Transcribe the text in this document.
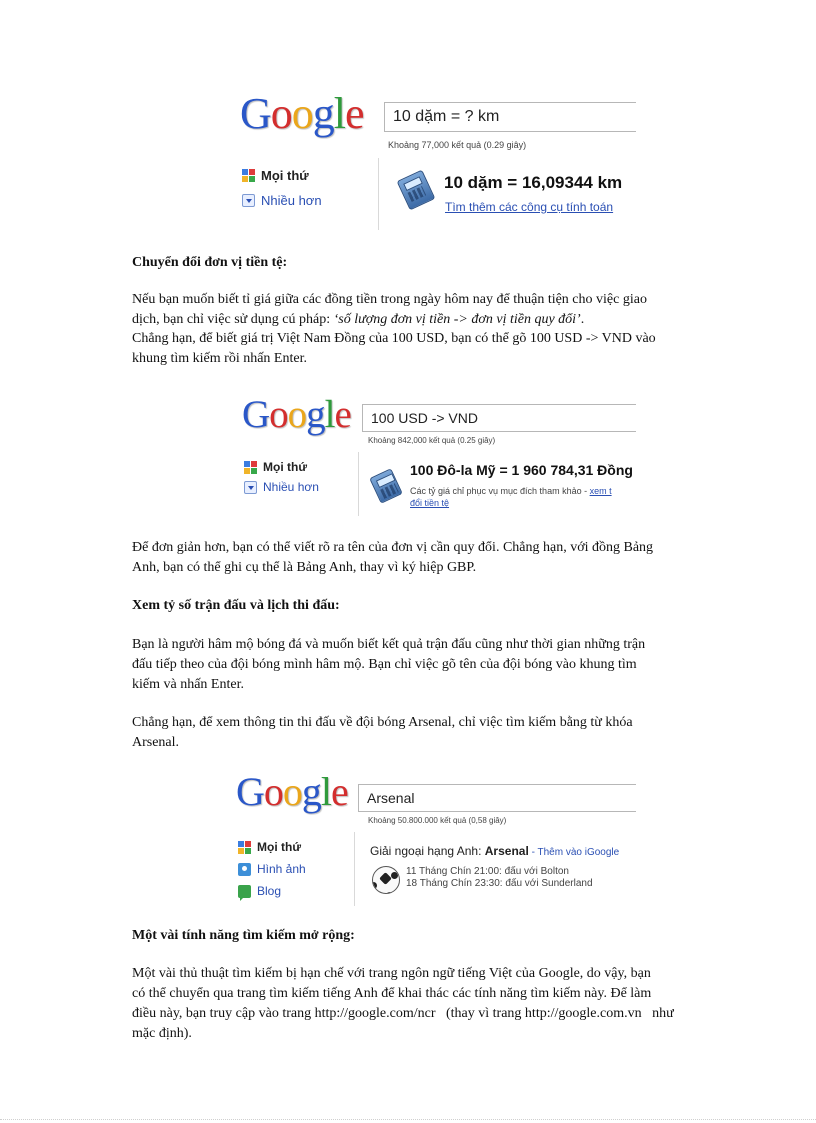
Google	10 dặm = ? km
Khoảng 77,000 kết quả (0.29 giây)
Mọi thứ
Nhiều hơn
10 dặm = 16,09344 km
Tìm thêm các công cụ tính toán
Chuyển đổi đơn vị tiền tệ:
Nếu bạn muốn biết tỉ giá giữa các đồng tiền trong ngày hôm nay để thuận tiện cho việc giao
dịch, bạn chỉ việc sử dụng cú pháp: ‘số lượng đơn vị tiền -> đơn vị tiền quy đổi’.
Chẳng hạn, để biết giá trị Việt Nam Đồng của 100 USD, bạn có thể gõ 100 USD -> VND vào
khung tìm kiếm rồi nhấn Enter.
Google	100 USD -> VND
Khoảng 842,000 kết quả (0.25 giây)
Mọi thứ
Nhiều hơn
100 Đô-la Mỹ = 1 960 784,31 Đồng
Các tỷ giá chỉ phục vụ mục đích tham khảo - xem t
đổi tiền tệ
Để đơn giản hơn, bạn có thể viết rõ ra tên của đơn vị cần quy đổi. Chẳng hạn, với đồng Bảng
Anh, bạn có thể ghi cụ thể là Bảng Anh, thay vì ký hiệp GBP.
Xem tỷ số trận đấu và lịch thi đấu:
Bạn là người hâm mộ bóng đá và muốn biết kết quả trận đấu cũng như thời gian những trận
đấu tiếp theo của đội bóng mình hâm mộ. Bạn chỉ việc gõ tên của đội bóng vào khung tìm
kiếm và nhấn Enter.
Chẳng hạn, để xem thông tin thi đấu về đội bóng Arsenal, chỉ việc tìm kiếm bằng từ khóa
Arsenal.
Google	Arsenal
Khoảng 50.800.000 kết quả (0,58 giây)
Mọi thứ
Hình ảnh
Blog
Giải ngoại hạng Anh: Arsenal - Thêm vào iGoogle
11 Tháng Chín 21:00: đấu với Bolton
18 Tháng Chín 23:30: đấu với Sunderland
Một vài tính năng tìm kiếm mở rộng:
Một vài thủ thuật tìm kiếm bị hạn chế với trang ngôn ngữ tiếng Việt của Google, do vậy, bạn
có thể chuyển qua trang tìm kiếm tiếng Anh để khai thác các tính năng tìm kiếm này. Để làm
điều này, bạn truy cập vào trang http://google.com/ncr   (thay vì trang http://google.com.vn   như
mặc định).
